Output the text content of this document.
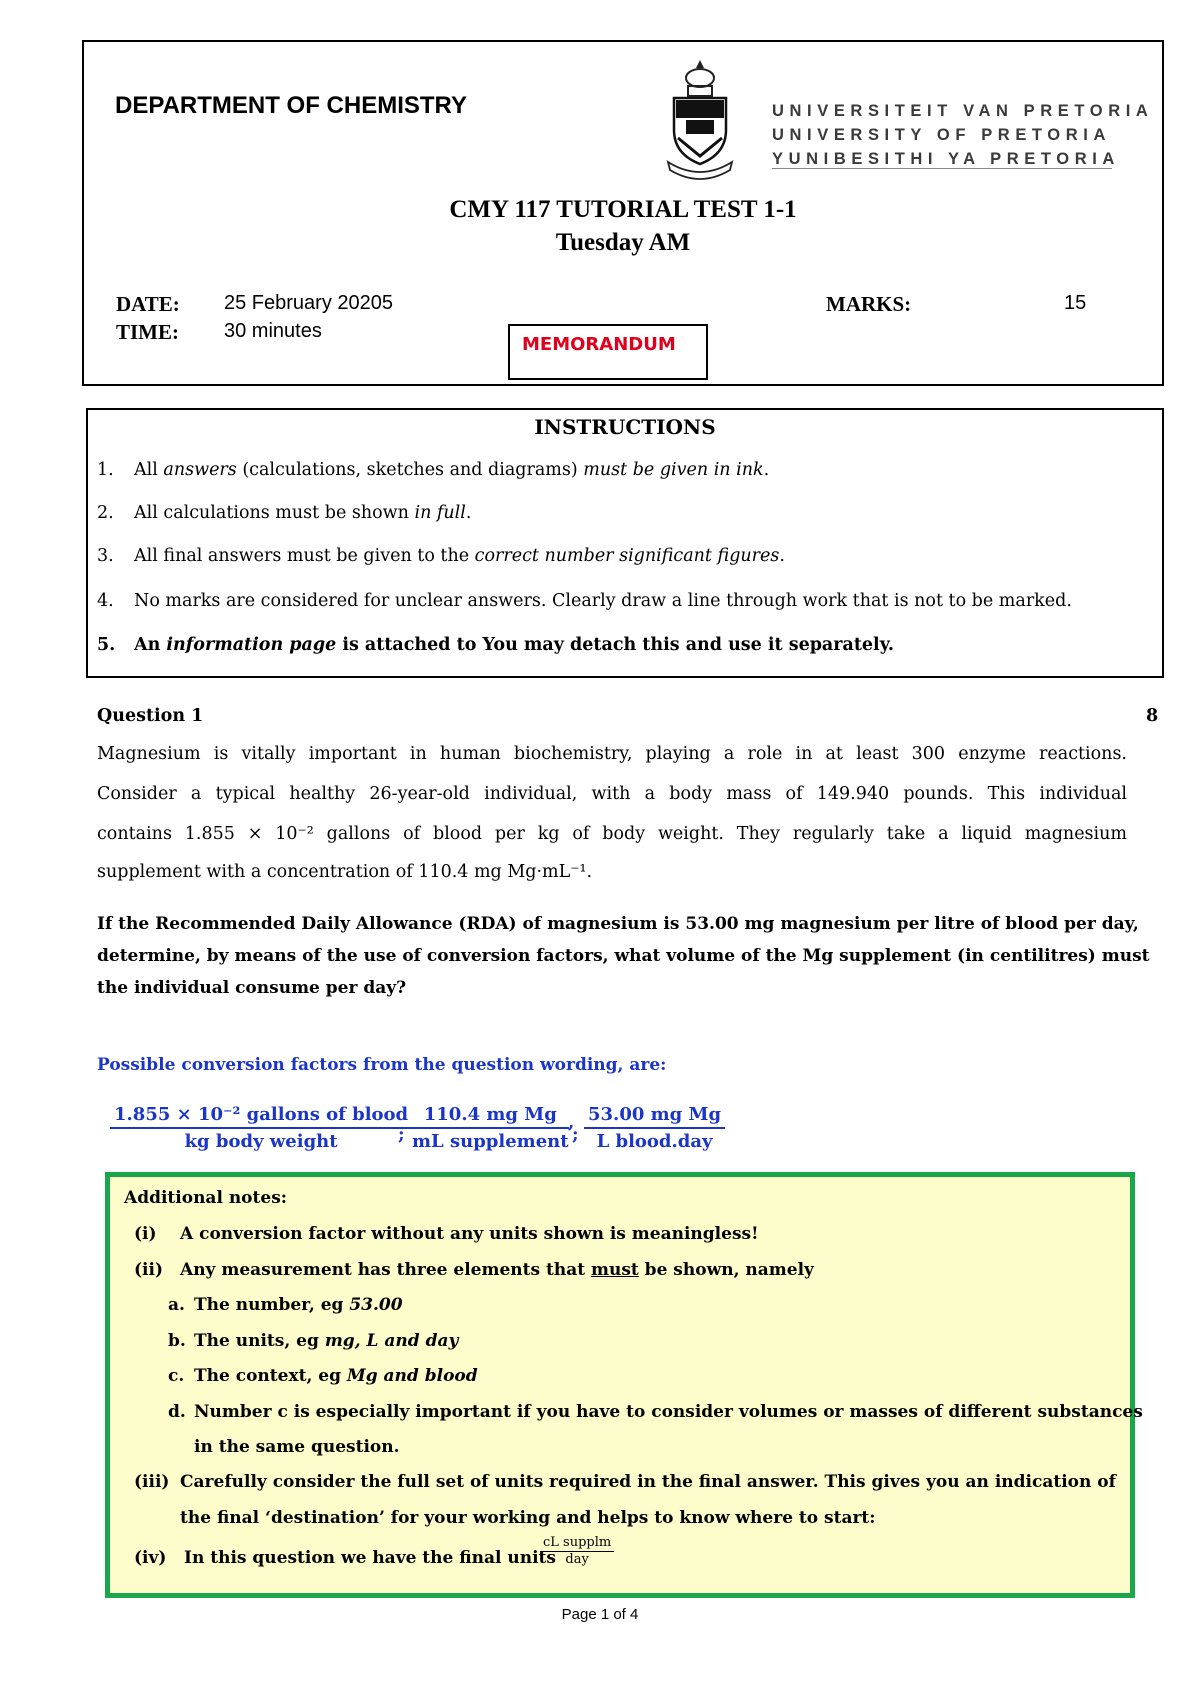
DEPARTMENT OF CHEMISTRY	UNIVERSITEIT VAN PRETORIA
UNIVERSITY OF PRETORIA
YUNIBESITHI YA PRETORIA
CMY 117 TUTORIAL TEST 1-1
Tuesday AM
DATE: 25 February 20205
TIME: 30 minutes
MARKS:	15
MEMORANDUM
INSTRUCTIONS
1. All answers (calculations, sketches and diagrams) must be given in ink.
2. All calculations must be shown in full.
3. All final answers must be given to the correct number significant figures.
4. No marks are considered for unclear answers. Clearly draw a line through work that is not to be marked.
5. An information page is attached to You may detach this and use it separately.
Question 1	8
Magnesium is vitally important in human biochemistry, playing a role in at least 300 enzyme reactions.
Consider a typical healthy 26-year-old individual, with a body mass of 149.940 pounds. This individual
contains 1.855 × 10⁻² gallons of blood per kg of body weight. They regularly take a liquid magnesium
supplement with a concentration of 110.4 mg Mg·mL⁻¹.
If the Recommended Daily Allowance (RDA) of magnesium is 53.00 mg magnesium per litre of blood per day,
determine, by means of the use of conversion factors, what volume of the Mg supplement (in centilitres) must
the individual consume per day?
Possible conversion factors from the question wording, are:
1.855 × 10⁻² gallons of blood
kg body weight	;
110.4 mg Mg
mL supplement
,
;
53.00 mg Mg
L blood.day
Additional notes:
(i) A conversion factor without any units shown is meaningless!
(ii) Any measurement has three elements that must be shown, namely
a. The number, eg 53.00
b. The units, eg mg, L and day
c. The context, eg Mg and blood
d. Number c is especially important if you have to consider volumes or masses of different substances
in the same question.
(iii) Carefully consider the full set of units required in the final answer. This gives you an indication of
the final ‘destination’ for your working and helps to know where to start:
(iv) In this question we have the final units
cL supplm
day
Page 1 of 4
